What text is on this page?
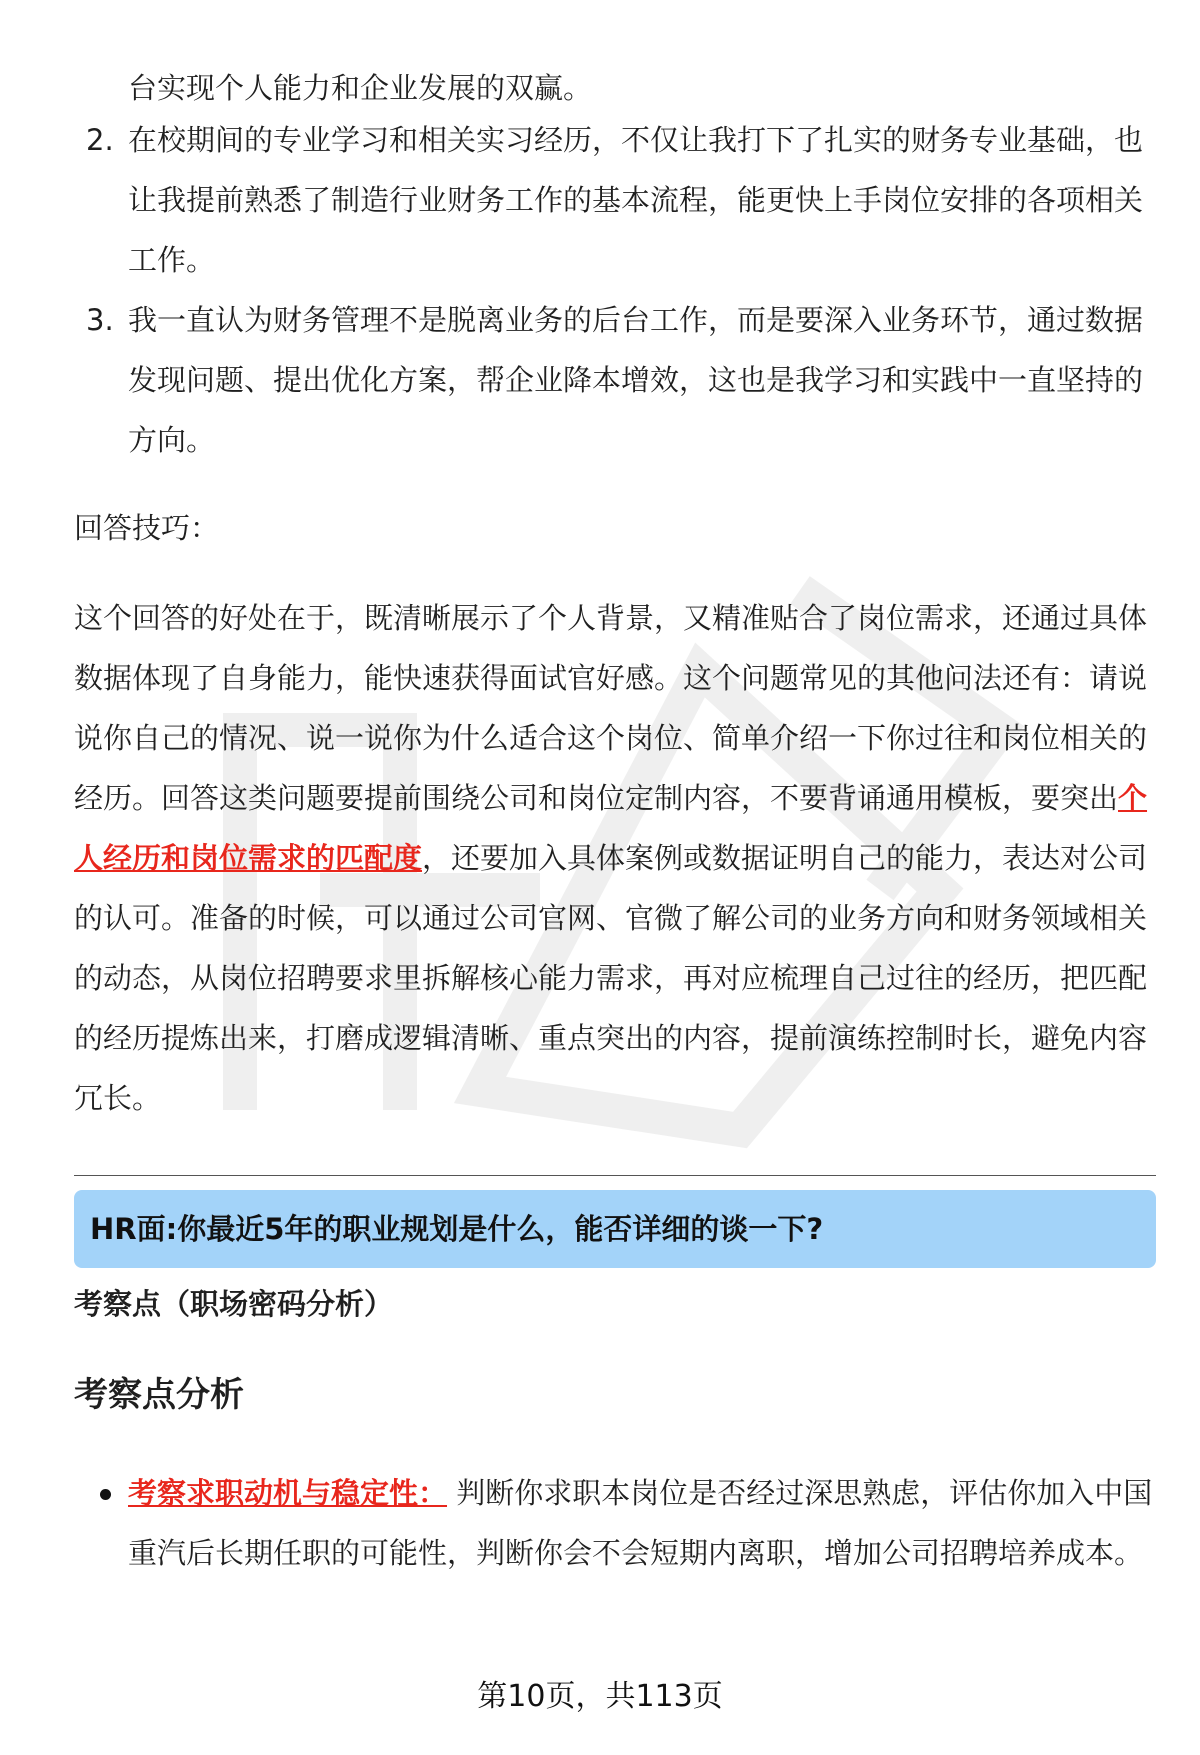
台实现个人能力和企业发展的双赢。

2. 在校期间的专业学习和相关实习经历，不仅让我打下了扎实的财务专业基础，也让我提前熟悉了制造行业财务工作的基本流程，能更快上手岗位安排的各项相关工作。
3. 我一直认为财务管理不是脱离业务的后台工作，而是要深入业务环节，通过数据发现问题、提出优化方案，帮企业降本增效，这也是我学习和实践中一直坚持的方向。

回答技巧：

这个回答的好处在于，既清晰展示了个人背景，又精准贴合了岗位需求，还通过具体数据体现了自身能力，能快速获得面试官好感。这个问题常见的其他问法还有：请说说你自己的情况、说一说你为什么适合这个岗位、简单介绍一下你过往和岗位相关的经历。回答这类问题要提前围绕公司和岗位定制内容，不要背诵通用模板，要突出个人经历和岗位需求的匹配度，还要加入具体案例或数据证明自己的能力，表达对公司的认可。准备的时候，可以通过公司官网、官微了解公司的业务方向和财务领域相关的动态，从岗位招聘要求里拆解核心能力需求，再对应梳理自己过往的经历，把匹配的经历提炼出来，打磨成逻辑清晰、重点突出的内容，提前演练控制时长，避免内容冗长。

HR面:你最近5年的职业规划是什么，能否详细的谈一下?

考察点（职场密码分析）

考察点分析

考察求职动机与稳定性： 判断你求职本岗位是否经过深思熟虑，评估你加入中国重汽后长期任职的可能性，判断你会不会短期内离职，增加公司招聘培养成本。
第10页，共113页
